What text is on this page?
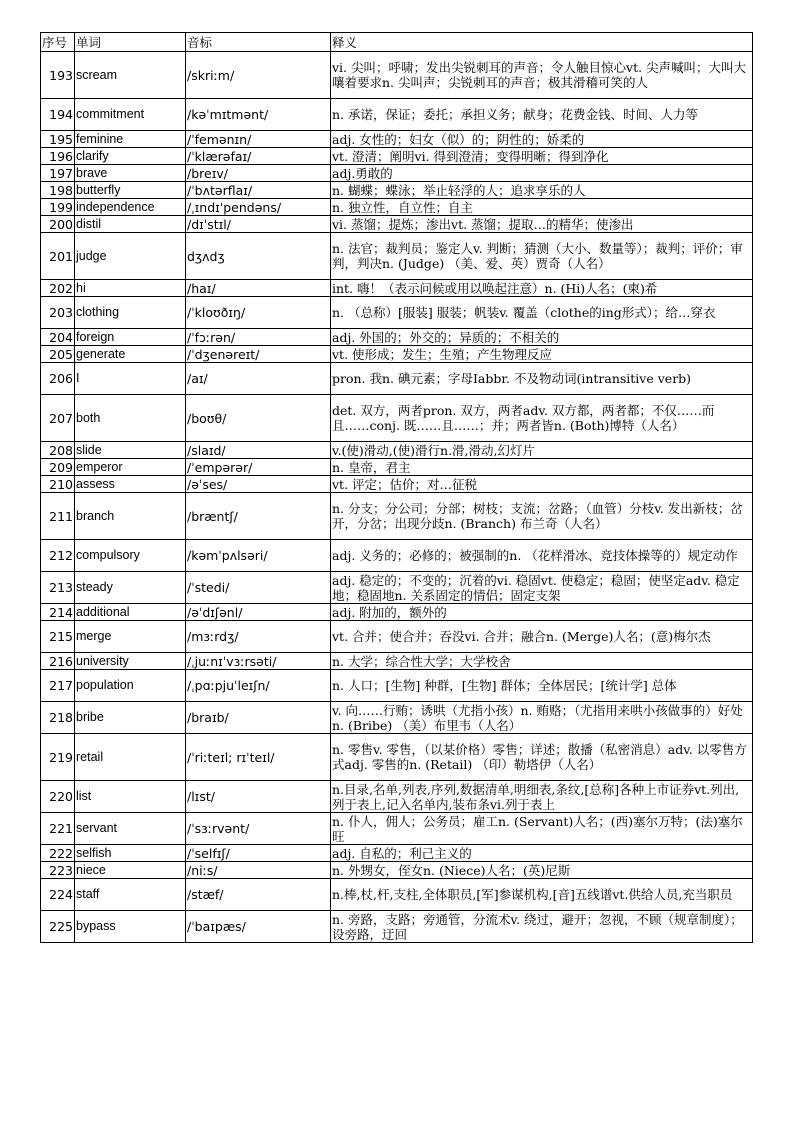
序号	单词	音标	释义
193	scream	/skriːm/	vi. 尖叫；呼啸；发出尖锐刺耳的声音；令人触目惊心vt. 尖声喊叫；大叫大嚷着要求n. 尖叫声；尖锐刺耳的声音；极其滑稽可笑的人
194	commitment	/kəˈmɪtmənt/	n. 承诺，保证；委托；承担义务；献身；花费金钱、时间、人力等
195	feminine	/ˈfemənɪn/	adj. 女性的；妇女（似）的；阴性的；娇柔的
196	clarify	/ˈklærəfaɪ/	vt. 澄清；阐明vi. 得到澄清；变得明晰；得到净化
197	brave	/breɪv/	adj.勇敢的
198	butterfly	/ˈbʌtərflaɪ/	n. 蝴蝶；蝶泳；举止轻浮的人；追求享乐的人
199	independence	/ˌɪndɪˈpendəns/	n. 独立性，自立性；自主
200	distil	/dɪˈstɪl/	vi. 蒸馏；提炼；渗出vt. 蒸馏；提取…的精华；使渗出
201	judge	dʒʌdʒ	n. 法官；裁判员；鉴定人v. 判断；猜测（大小、数量等）；裁判；评价；审判，判决n. (Judge) （美、爱、英）贾奇（人名）
202	hi	/haɪ/	int. 嗨！（表示问候或用以唤起注意）n. (Hi)人名；(柬)希
203	clothing	/ˈkloʊðɪŋ/	n. （总称）[服装] 服装；帆装v. 覆盖（clothe的ing形式）；给…穿衣
204	foreign	/ˈfɔːrən/	adj. 外国的；外交的；异质的；不相关的
205	generate	/ˈdʒenəreɪt/	vt. 使形成；发生；生殖；产生物理反应
206	I	/aɪ/	pron. 我n. 碘元素；字母Iabbr. 不及物动词(intransitive verb)
207	both	/boʊθ/	det. 双方，两者pron. 双方，两者adv. 双方都，两者都；不仅……而且……conj. 既……且……；并；两者皆n. (Both)博特（人名）
208	slide	/slaɪd/	v.(使)滑动,(使)滑行n.滑,滑动,幻灯片
209	emperor	/ˈempərər/	n. 皇帝，君主
210	assess	/əˈses/	vt. 评定；估价；对…征税
211	branch	/bræntʃ/	n. 分支；分公司；分部；树枝；支流；岔路；（血管）分枝v. 发出新枝；岔开，分岔；出现分歧n. (Branch) 布兰奇（人名）
212	compulsory	/kəmˈpʌlsəri/	adj. 义务的；必修的；被强制的n. （花样滑冰、竞技体操等的）规定动作
213	steady	/ˈstedi/	adj. 稳定的；不变的；沉着的vi. 稳固vt. 使稳定；稳固；使坚定adv. 稳定地；稳固地n. 关系固定的情侣；固定支架
214	additional	/əˈdɪʃənl/	adj. 附加的，额外的
215	merge	/mɜːrdʒ/	vt. 合并；使合并；吞没vi. 合并；融合n. (Merge)人名；(意)梅尔杰
216	university	/ˌjuːnɪˈvɜːrsəti/	n. 大学；综合性大学；大学校舍
217	population	/ˌpɑːpjuˈleɪʃn/	n. 人口；[生物] 种群，[生物] 群体；全体居民；[统计学] 总体
218	bribe	/braɪb/	v. 向……行贿；诱哄（尤指小孩）n. 贿赂；（尤指用来哄小孩做事的）好处n. (Bribe) （美）布里韦（人名）
219	retail	/ˈriːteɪl; rɪˈteɪl/	n. 零售v. 零售，（以某价格）零售；详述；散播（私密消息）adv. 以零售方式adj. 零售的n. (Retail) （印）勒塔伊（人名）
220	list	/lɪst/	n.目录,名单,列表,序列,数据清单,明细表,条纹,[总称]各种上市证券vt.列出,列于表上,记入名单内,装布条vi.列于表上
221	servant	/ˈsɜːrvənt/	n. 仆人，佣人；公务员；雇工n. (Servant)人名；(西)塞尔万特；(法)塞尔旺
222	selfish	/ˈselfɪʃ/	adj. 自私的；利己主义的
223	niece	/niːs/	n. 外甥女，侄女n. (Niece)人名；(英)尼斯
224	staff	/stæf/	n.棒,杖,杆,支柱,全体职员,[军]参谋机构,[音]五线谱vt.供给人员,充当职员
225	bypass	/ˈbaɪpæs/	n. 旁路，支路；旁通管，分流术v. 绕过，避开；忽视，不顾（规章制度）；设旁路，迂回
